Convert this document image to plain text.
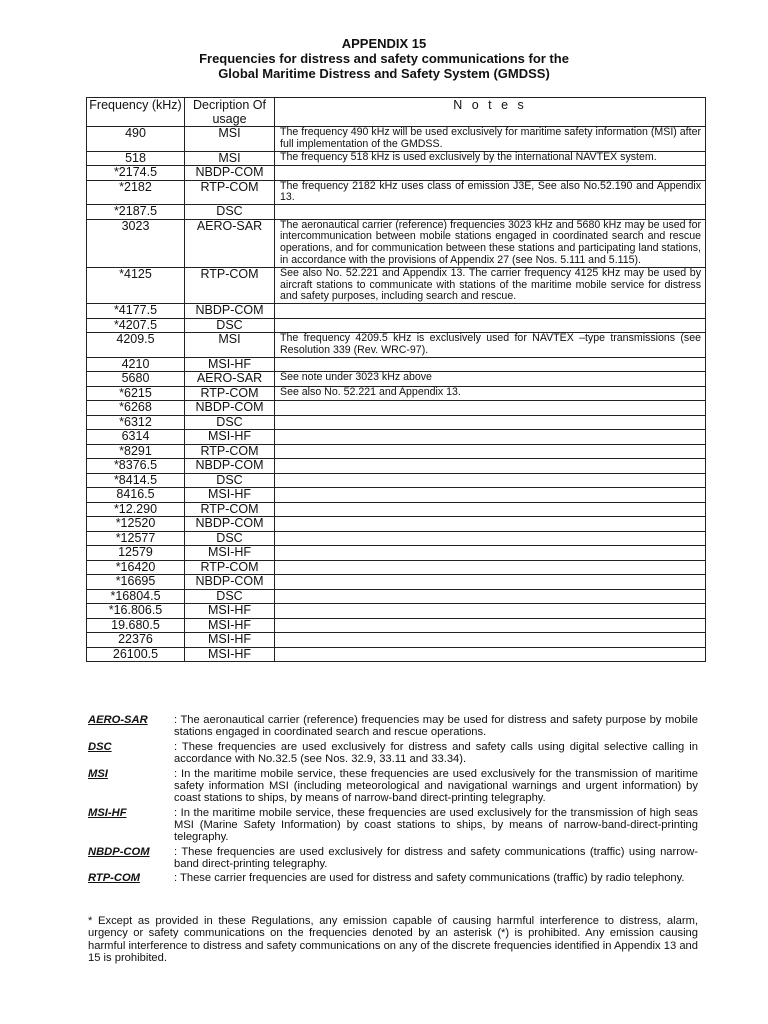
APPENDIX 15
Frequencies for distress and safety communications for the
Global Maritime Distress and Safety System (GMDSS)
Frequency (kHz)	Decription Of usage	N o t e s
490	MSI	The frequency 490 kHz will be used exclusively for maritime safety information (MSI) after full implementation of the GMDSS.
518	MSI	The frequency 518 kHz is used exclusively by the international NAVTEX system.
*2174.5	NBDP-COM	
*2182	RTP-COM	The frequency 2182 kHz uses class of emission J3E, See also No.52.190 and Appendix 13.
*2187.5	DSC	
3023	AERO-SAR	The aeronautical carrier (reference) frequencies 3023 kHz and 5680 kHz may be used for intercommunication between mobile stations engaged in coordinated search and rescue operations, and for communication between these stations and participating land stations, in accordance with the provisions of Appendix 27 (see Nos. 5.111 and 5.115).
*4125	RTP-COM	See also No. 52.221 and Appendix 13. The carrier frequency 4125 kHz may be used by aircraft stations to communicate with stations of the maritime mobile service for distress and safety purposes, including search and rescue.
*4177.5	NBDP-COM	
*4207.5	DSC	
4209.5	MSI	The frequency 4209.5 kHz is exclusively used for NAVTEX –type transmissions (see Resolution 339 (Rev. WRC-97).
4210	MSI-HF	
5680	AERO-SAR	See note under 3023 kHz above
*6215	RTP-COM	See also No. 52.221 and Appendix 13.
*6268	NBDP-COM	
*6312	DSC	
6314	MSI-HF	
*8291	RTP-COM	
*8376.5	NBDP-COM	
*8414.5	DSC	
8416.5	MSI-HF	
*12.290	RTP-COM	
*12520	NBDP-COM	
*12577	DSC	
12579	MSI-HF	
*16420	RTP-COM	
*16695	NBDP-COM	
*16804.5	DSC	
*16.806.5	MSI-HF	
19.680.5	MSI-HF	
22376	MSI-HF	
26100.5	MSI-HF	
AERO-SAR	: The aeronautical carrier (reference) frequencies may be used for distress and safety purpose by mobile stations engaged in coordinated search and rescue operations.
DSC	: These frequencies are used exclusively for distress and safety calls using digital selective calling in accordance with No.32.5 (see Nos. 32.9, 33.11 and 33.34).
MSI	: In the maritime mobile service, these frequencies are used exclusively for the transmission of maritime safety information MSI (including meteorological and navigational warnings and urgent information) by coast stations to ships, by means of narrow-band direct-printing telegraphy.
MSI-HF	: In the maritime mobile service, these frequencies are used exclusively for the transmission of high seas MSI (Marine Safety Information) by coast stations to ships, by means of narrow-band-direct-printing telegraphy.
NBDP-COM	: These frequencies are used exclusively for distress and safety communications (traffic) using narrow-band direct-printing telegraphy.
RTP-COM	: These carrier frequencies are used for distress and safety communications (traffic) by radio telephony.
* Except as provided in these Regulations, any emission capable of causing harmful interference to distress, alarm, urgency or safety communications on the frequencies denoted by an asterisk (*) is prohibited. Any emission causing harmful interference to distress and safety communications on any of the discrete frequencies identified in Appendix 13 and 15 is prohibited.
